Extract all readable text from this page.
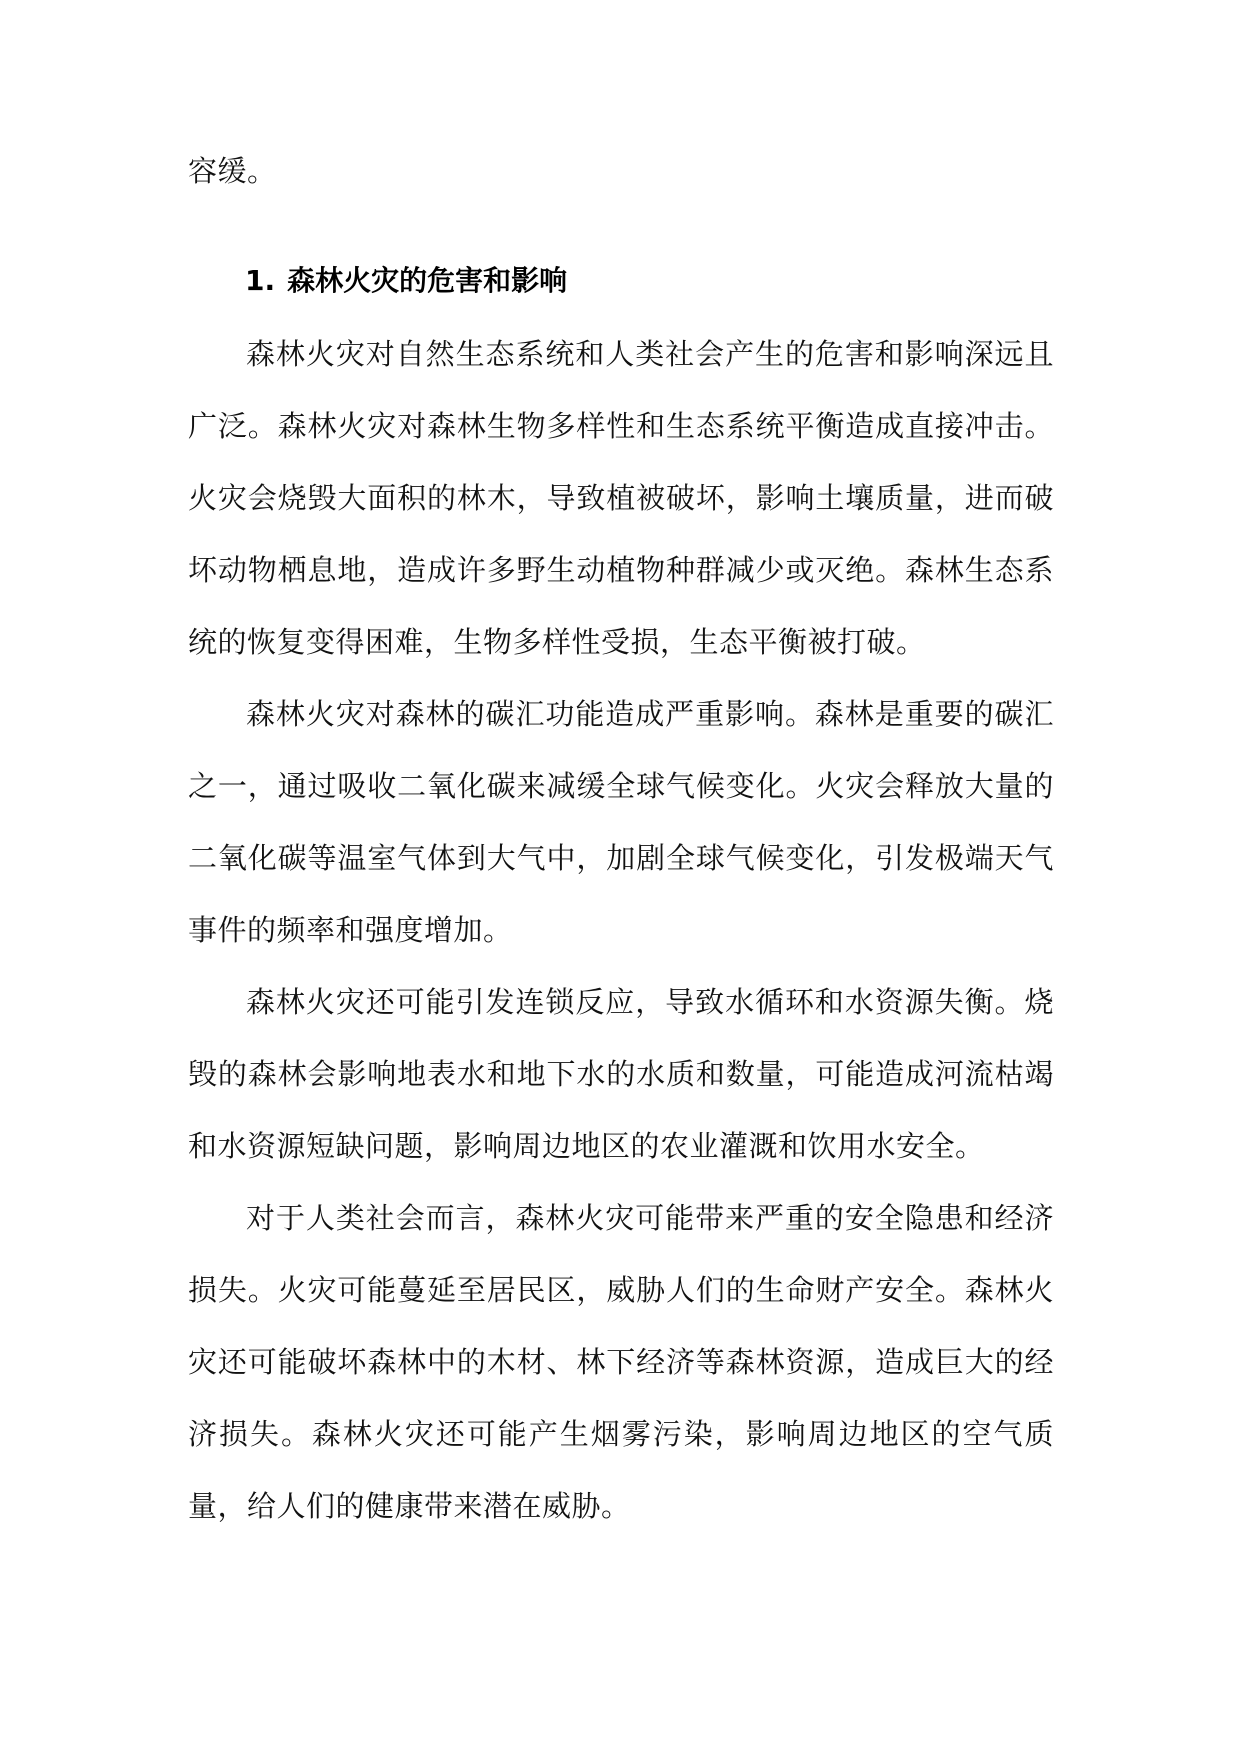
容缓。
1. 森林火灾的危害和影响

森林火灾对自然生态系统和人类社会产生的危害和影响深远且广泛。森林火灾对森林生物多样性和生态系统平衡造成直接冲击。火灾会烧毁大面积的林木，导致植被破坏，影响土壤质量，进而破坏动物栖息地，造成许多野生动植物种群减少或灭绝。森林生态系统的恢复变得困难，生物多样性受损，生态平衡被打破。

森林火灾对森林的碳汇功能造成严重影响。森林是重要的碳汇之一，通过吸收二氧化碳来减缓全球气候变化。火灾会释放大量的二氧化碳等温室气体到大气中，加剧全球气候变化，引发极端天气事件的频率和强度增加。

森林火灾还可能引发连锁反应，导致水循环和水资源失衡。烧毁的森林会影响地表水和地下水的水质和数量，可能造成河流枯竭和水资源短缺问题，影响周边地区的农业灌溉和饮用水安全。

对于人类社会而言，森林火灾可能带来严重的安全隐患和经济损失。火灾可能蔓延至居民区，威胁人们的生命财产安全。森林火灾还可能破坏森林中的木材、林下经济等森林资源，造成巨大的经济损失。森林火灾还可能产生烟雾污染，影响周边地区的空气质量，给人们的健康带来潜在威胁。
